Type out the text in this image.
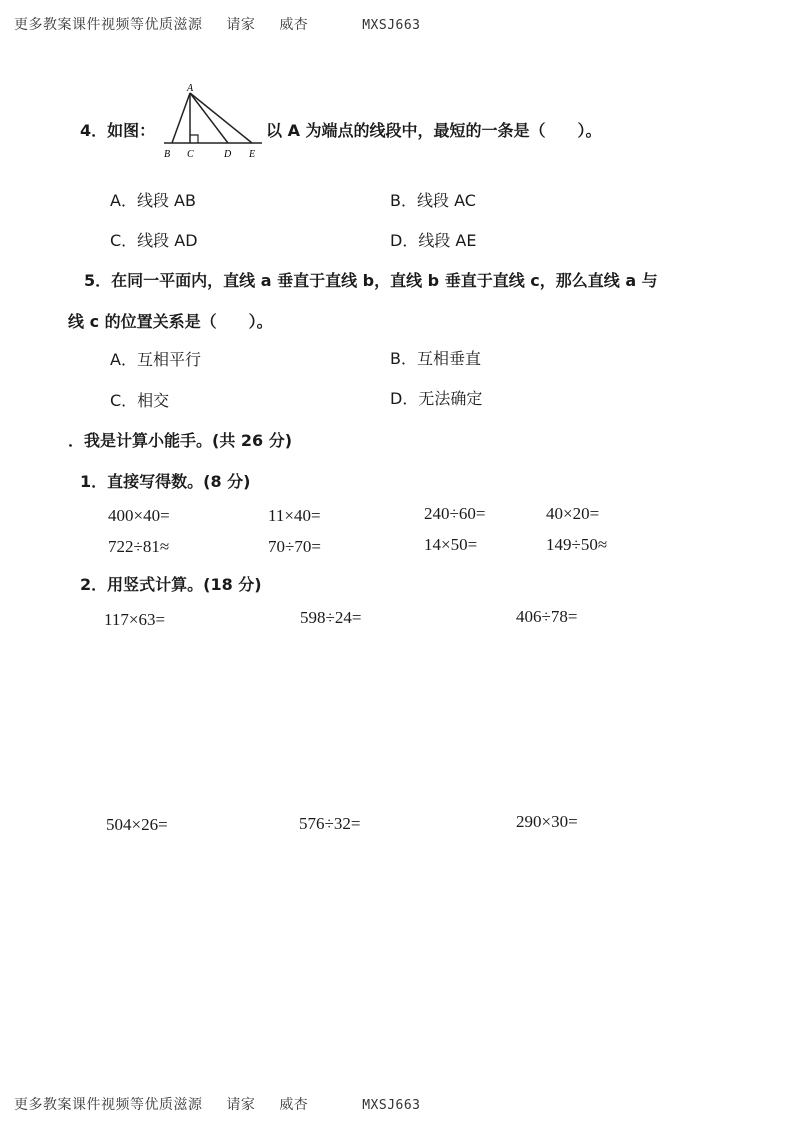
更多教案课件视频等优质滋源 请家 威杏	MXSJ663
4．如图：
A
B C	D E
以 A 为端点的线段中，最短的一条是（　　）。
A．线段 AB	B．线段 AC
C．线段 AD	D．线段 AE
5．在同一平面内，直线 a 垂直于直线 b，直线 b 垂直于直线 c，那么直线 a 与
线 c 的位置关系是（　　）。
A．互相平行	B．互相垂直
C．相交	D．无法确定
．我是计算小能手。(共 26 分)
1．直接写得数。(8 分)
400×40=	11×40=	240÷60=	40×20=
722÷81≈	70÷70=	14×50=	149÷50≈
2．用竖式计算。(18 分)
117×63=	598÷24=	406÷78=
504×26=	576÷32=	290×30=
更多教案课件视频等优质滋源 请家 威杏	MXSJ663
